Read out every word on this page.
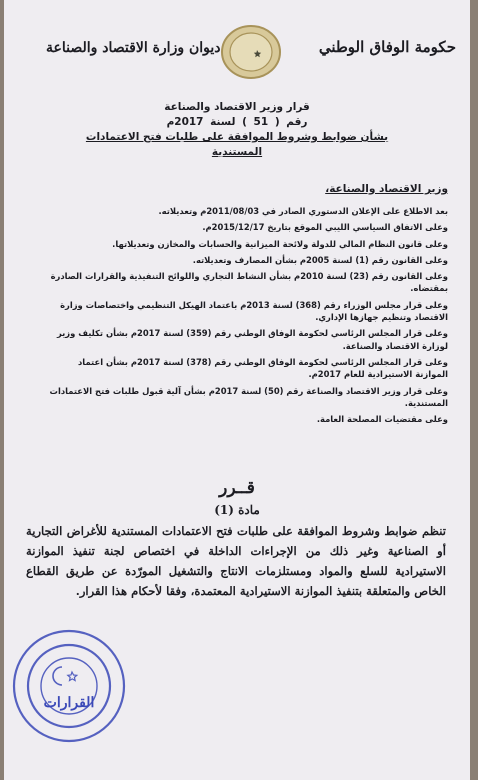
حكومة الوفاق الوطني
ديوان وزارة الاقتصاد والصناعة
قرار وزير الاقتصاد والصناعة
رقم ( 51 ) لسنة 2017م
بشأن ضوابط وشروط الموافقة على طلبات فتح الاعتمادات المستندية
وزير الاقتصاد والصناعة،
بعد الاطلاع على الإعلان الدستوري الصادر في 2011/08/03م وتعديلاته.
وعلى الاتفاق السياسي الليبي الموقع بتاريخ 2015/12/17م.
وعلى قانون النظام المالي للدولة ولائحة الميزانية والحسابات والمخازن وتعديلاتها.
وعلى القانون رقم (1) لسنة 2005م بشأن المصارف وتعديلاته.
وعلى القانون رقم (23) لسنة 2010م بشأن النشاط التجاري واللوائح التنفيذية والقرارات الصادرة بمقتضاه.
وعلى قرار مجلس الوزراء رقم (368) لسنة 2013م باعتماد الهيكل التنظيمي واختصاصات وزارة الاقتصاد وتنظيم جهازها الإداري.
وعلى قرار المجلس الرئاسي لحكومة الوفاق الوطني رقم (359) لسنة 2017م بشأن تكليف وزير لوزارة الاقتصاد والصناعة.
وعلى قرار المجلس الرئاسي لحكومة الوفاق الوطني رقم (378) لسنة 2017م بشأن اعتماد الموازنة الاستيرادية للعام 2017م.
وعلى قرار وزير الاقتصاد والصناعة رقم (50) لسنة 2017م بشأن آلية قبول طلبات فتح الاعتمادات المستندية.
وعلى مقتضيات المصلحة العامة.
قــرر
مادة (1)
تنظم ضوابط وشروط الموافقة على طلبات فتح الاعتمادات المستندية للأغراض التجارية أو الصناعية وغير ذلك من الإجراءات الداخلة في اختصاص لجنة تنفيذ الموازنة الاستيرادية للسلع والمواد ومستلزمات الانتاج والتشغيل المورّدة عن طريق القطاع الخاص والمتعلقة بتنفيذ الموازنة الاستيرادية المعتمدة، وفقا لأحكام هذا القرار.
القرارات
